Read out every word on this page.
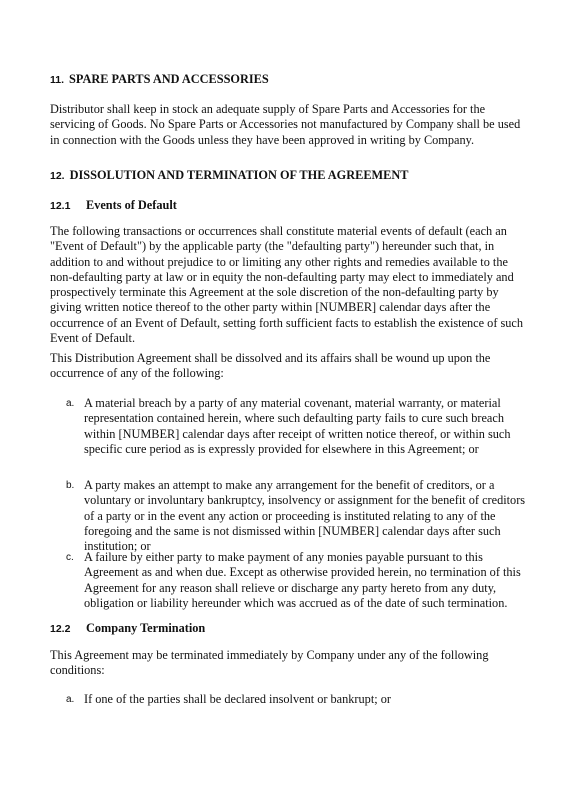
11. SPARE PARTS AND ACCESSORIES
Distributor shall keep in stock an adequate supply of Spare Parts and Accessories for the servicing of Goods. No Spare Parts or Accessories not manufactured by Company shall be used in connection with the Goods unless they have been approved in writing by Company.
12. DISSOLUTION AND TERMINATION OF THE AGREEMENT
12.1 Events of Default
The following transactions or occurrences shall constitute material events of default (each an "Event of Default") by the applicable party (the "defaulting party") hereunder such that, in addition to and without prejudice to or limiting any other rights and remedies available to the non-defaulting party at law or in equity the non-defaulting party may elect to immediately and prospectively terminate this Agreement at the sole discretion of the non-defaulting party by giving written notice thereof to the other party within [NUMBER] calendar days after the occurrence of an Event of Default, setting forth sufficient facts to establish the existence of such Event of Default.
This Distribution Agreement shall be dissolved and its affairs shall be wound up upon the occurrence of any of the following:
a. A material breach by a party of any material covenant, material warranty, or material representation contained herein, where such defaulting party fails to cure such breach within [NUMBER] calendar days after receipt of written notice thereof, or within such specific cure period as is expressly provided for elsewhere in this Agreement; or
b. A party makes an attempt to make any arrangement for the benefit of creditors, or a voluntary or involuntary bankruptcy, insolvency or assignment for the benefit of creditors of a party or in the event any action or proceeding is instituted relating to any of the foregoing and the same is not dismissed within [NUMBER] calendar days after such institution; or
c. A failure by either party to make payment of any monies payable pursuant to this Agreement as and when due. Except as otherwise provided herein, no termination of this Agreement for any reason shall relieve or discharge any party hereto from any duty, obligation or liability hereunder which was accrued as of the date of such termination.
12.2 Company Termination
This Agreement may be terminated immediately by Company under any of the following conditions:
a. If one of the parties shall be declared insolvent or bankrupt; or
